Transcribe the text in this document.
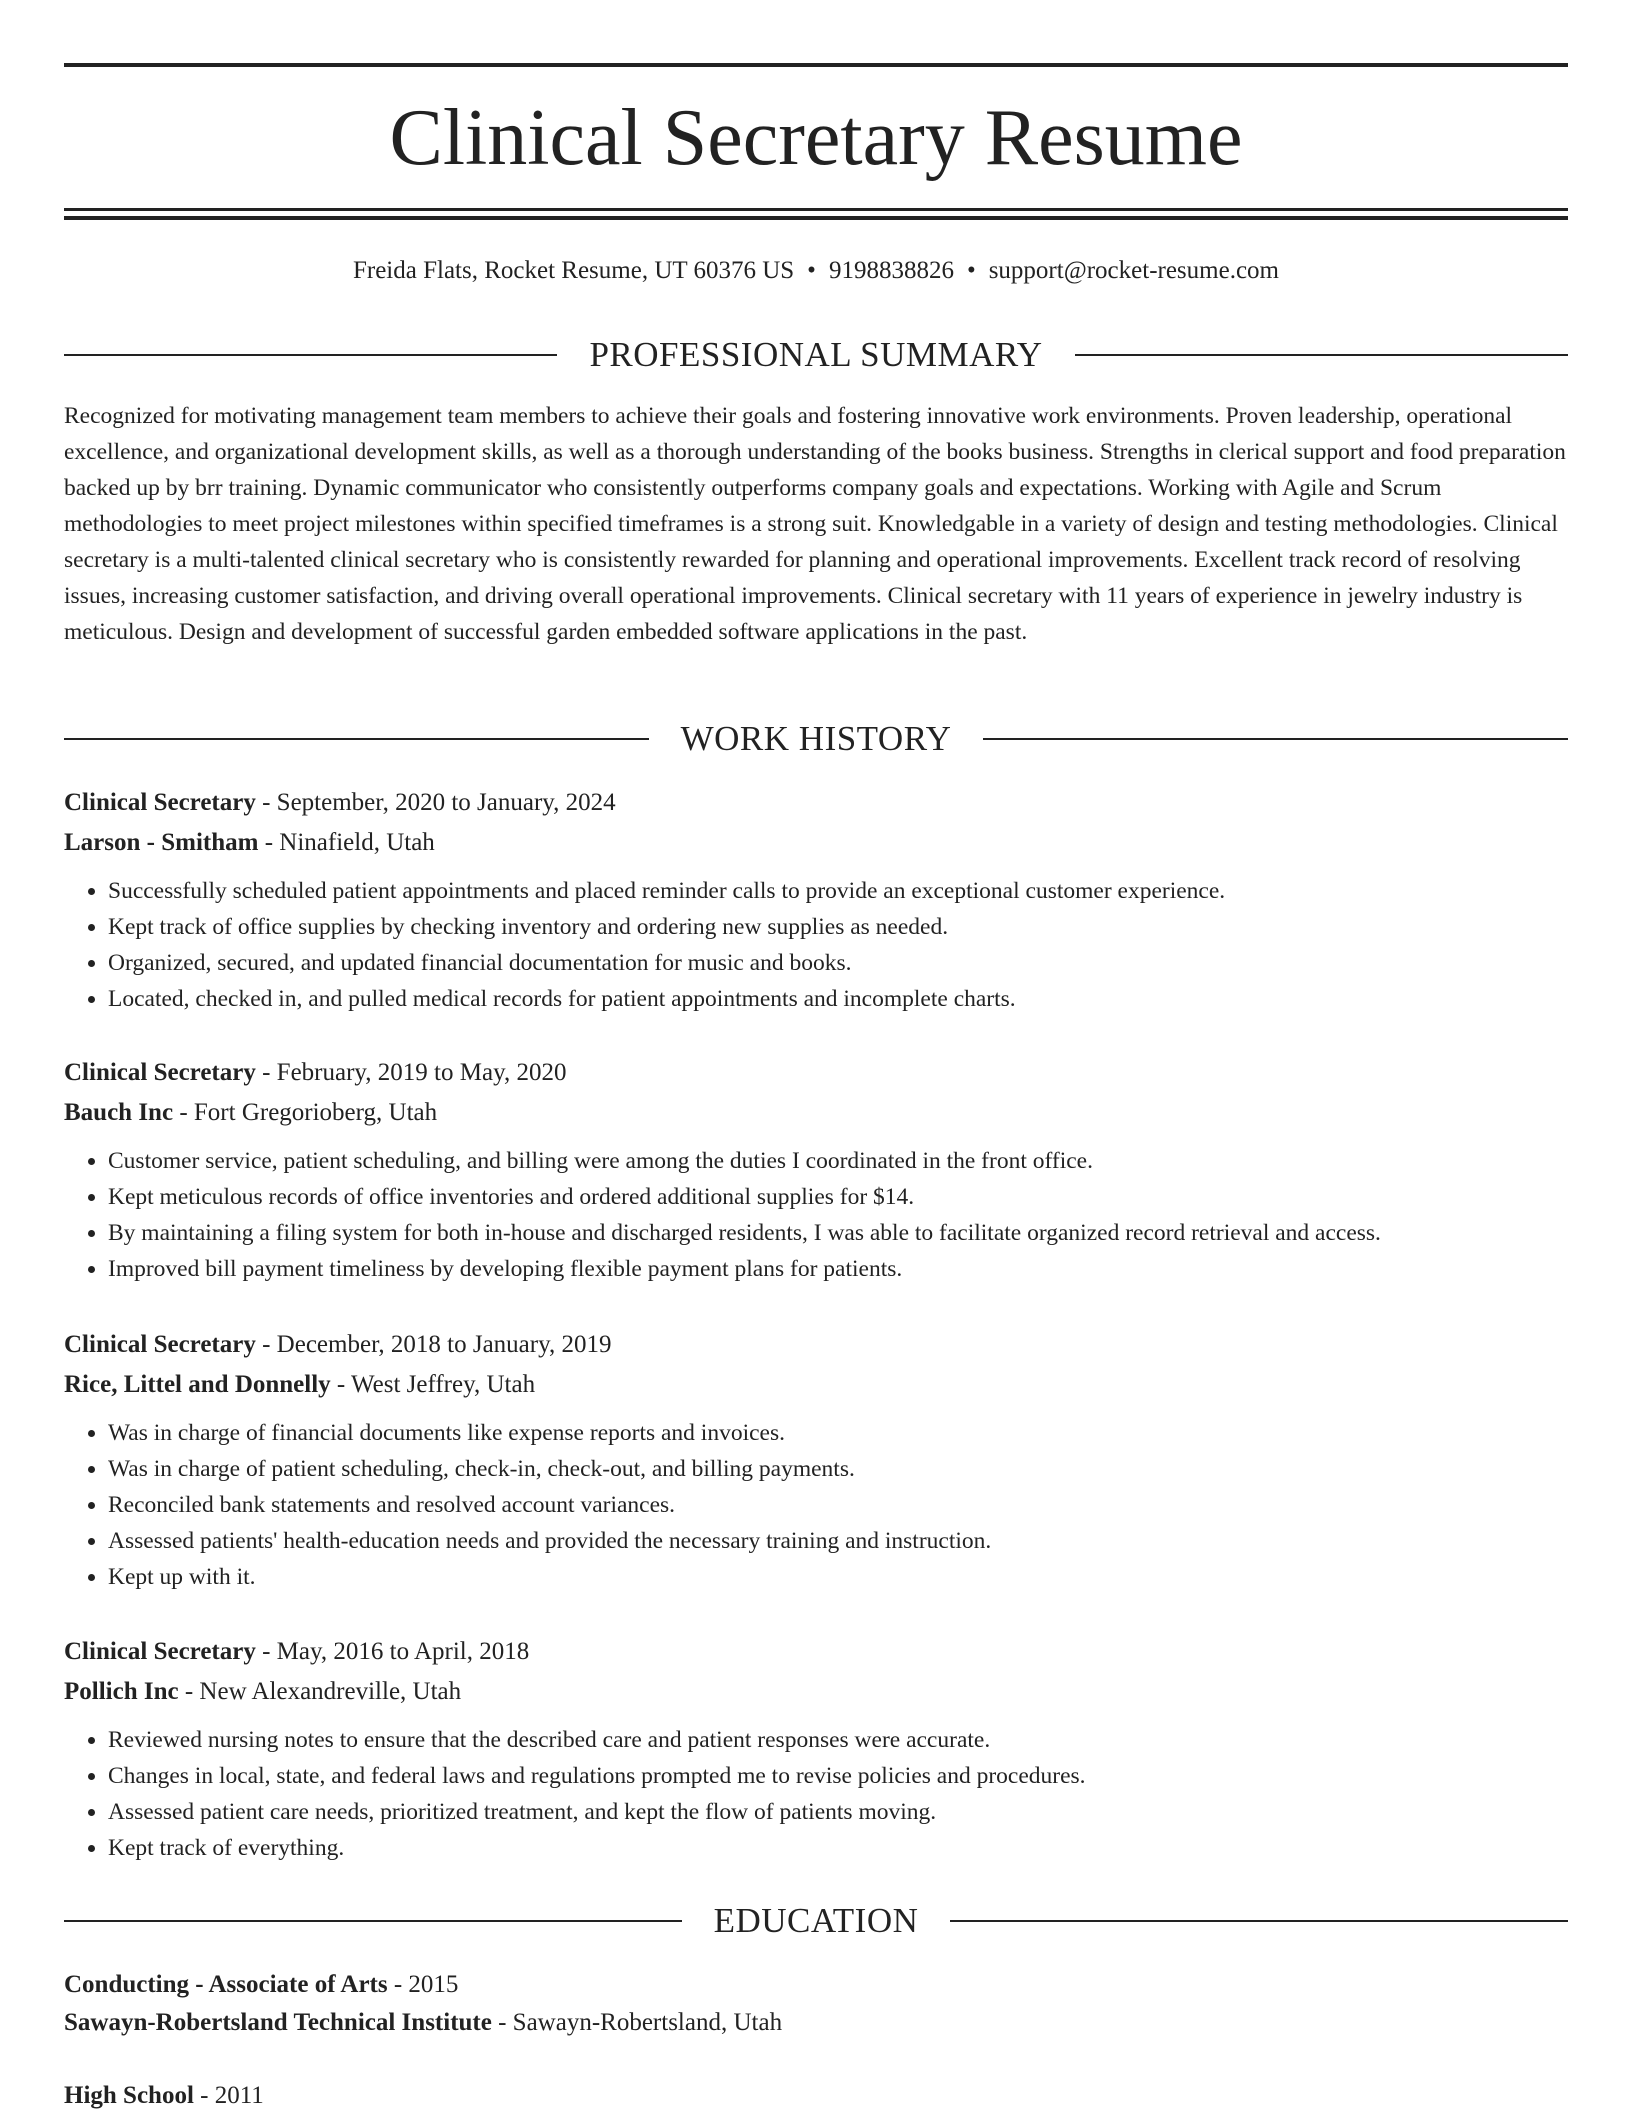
Clinical Secretary Resume
Freida Flats, Rocket Resume, UT 60376 US • 9198838826 • support@rocket-resume.com
PROFESSIONAL SUMMARY

Recognized for motivating management team members to achieve their goals and fostering innovative work environments. Proven leadership, operational excellence, and organizational development skills, as well as a thorough understanding of the books business. Strengths in clerical support and food preparation backed up by brr training. Dynamic communicator who consistently outperforms company goals and expectations. Working with Agile and Scrum methodologies to meet project milestones within specified timeframes is a strong suit. Knowledgable in a variety of design and testing methodologies. Clinical secretary is a multi-talented clinical secretary who is consistently rewarded for planning and operational improvements. Excellent track record of resolving issues, increasing customer satisfaction, and driving overall operational improvements. Clinical secretary with 11 years of experience in jewelry industry is meticulous. Design and development of successful garden embedded software applications in the past.

WORK HISTORY
Clinical Secretary - September, 2020 to January, 2024
Larson - Smitham - Ninafield, Utah
• Successfully scheduled patient appointments and placed reminder calls to provide an exceptional customer experience.
• Kept track of office supplies by checking inventory and ordering new supplies as needed.
• Organized, secured, and updated financial documentation for music and books.
• Located, checked in, and pulled medical records for patient appointments and incomplete charts.
Clinical Secretary - February, 2019 to May, 2020
Bauch Inc - Fort Gregorioberg, Utah
• Customer service, patient scheduling, and billing were among the duties I coordinated in the front office.
• Kept meticulous records of office inventories and ordered additional supplies for $14.
• By maintaining a filing system for both in-house and discharged residents, I was able to facilitate organized record retrieval and access.
• Improved bill payment timeliness by developing flexible payment plans for patients.
Clinical Secretary - December, 2018 to January, 2019
Rice, Littel and Donnelly - West Jeffrey, Utah
• Was in charge of financial documents like expense reports and invoices.
• Was in charge of patient scheduling, check-in, check-out, and billing payments.
• Reconciled bank statements and resolved account variances.
• Assessed patients' health-education needs and provided the necessary training and instruction.
• Kept up with it.
Clinical Secretary - May, 2016 to April, 2018
Pollich Inc - New Alexandreville, Utah
• Reviewed nursing notes to ensure that the described care and patient responses were accurate.
• Changes in local, state, and federal laws and regulations prompted me to revise policies and procedures.
• Assessed patient care needs, prioritized treatment, and kept the flow of patients moving.
• Kept track of everything.
EDUCATION
Conducting - Associate of Arts - 2015
Sawayn-Robertsland Technical Institute - Sawayn-Robertsland, Utah
High School - 2011
